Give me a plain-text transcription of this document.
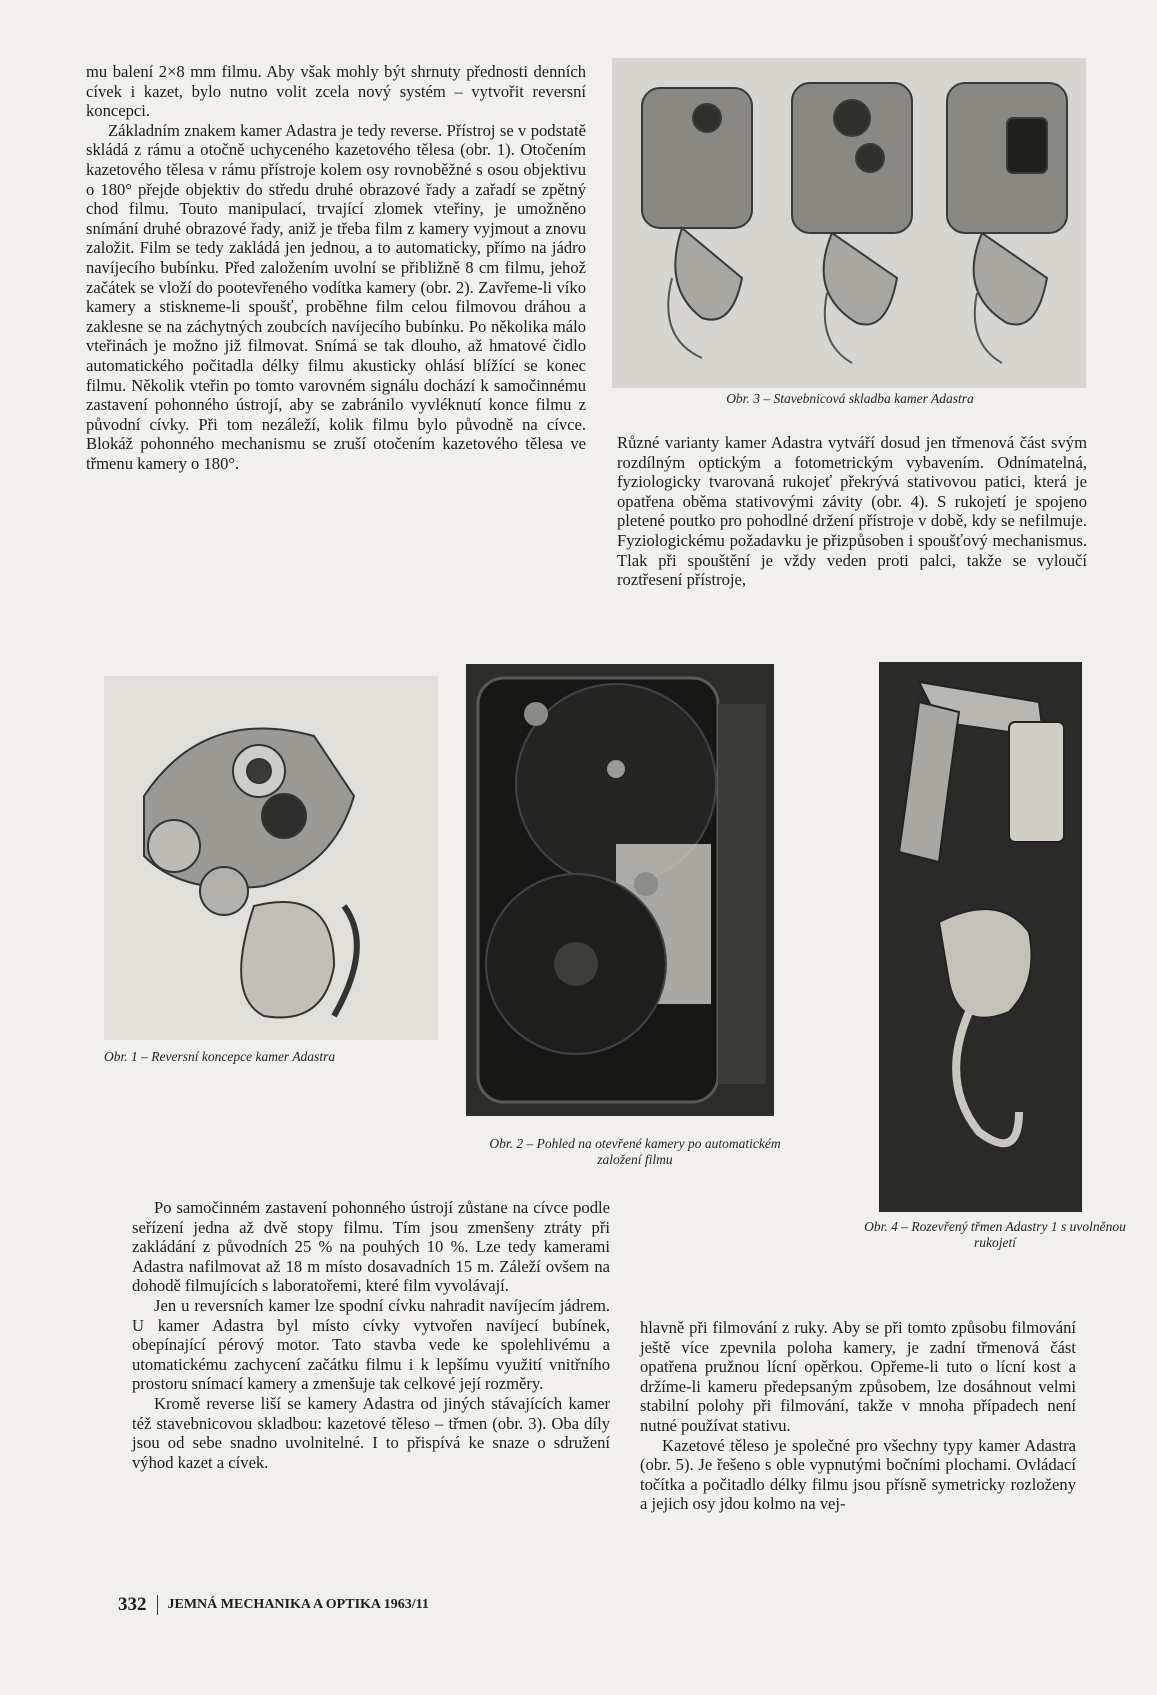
mu balení 2×8 mm filmu. Aby však mohly být shrnuty přednosti denních cívek i kazet, bylo nutno volit zcela nový systém – vytvořit reversní koncepci.

Základním znakem kamer Adastra je tedy reverse. Přístroj se v podstatě skládá z rámu a otočně uchyceného kazetového tělesa (obr. 1). Otočením kazetového tělesa v rámu přístroje kolem osy rovnoběžné s osou objektivu o 180° přejde objektiv do středu druhé obrazové řady a zařadí se zpětný chod filmu. Touto manipulací, trvající zlomek vteřiny, je umožněno snímání druhé obrazové řady, aniž je třeba film z kamery vyjmout a znovu založit. Film se tedy zakládá jen jednou, a to automaticky, přímo na jádro navíjecího bubínku. Před založením uvolní se přibližně 8 cm filmu, jehož začátek se vloží do pootevřeného vodítka kamery (obr. 2). Zavřeme-li víko kamery a stiskneme-li spoušť, proběhne film celou filmovou dráhou a zaklesne se na záchytných zoubcích navíjecího bubínku. Po několika málo vteřinách je možno již filmovat. Snímá se tak dlouho, až hmatové čidlo automatického počitadla délky filmu akusticky ohlásí blížící se konec filmu. Několik vteřin po tomto varovném signálu dochází k samočinnému zastavení pohonného ústrojí, aby se zabránilo vyvléknutí konce filmu z původní cívky. Při tom nezáleží, kolik filmu bylo původně na cívce. Blokáž pohonného mechanismu se zruší otočením kazetového tělesa ve třmenu kamery o 180°.

Obr. 3 – Stavebnicová skladba kamer Adastra

Různé varianty kamer Adastra vytváří dosud jen třmenová část svým rozdílným optickým a fotometrickým vybavením. Odnímatelná, fyziologicky tvarovaná rukojeť překrývá stativovou patici, která je opatřena oběma stativovými závity (obr. 4). S rukojetí je spojeno pletené poutko pro pohodlné držení přístroje v době, kdy se nefilmuje. Fyziologickému požadavku je přizpůsoben i spoušťový mechanismus. Tlak při spouštění je vždy veden proti palci, takže se vyloučí roztřesení přístroje,

Obr. 1 – Reversní koncepce kamer Adastra
Obr. 2 – Pohled na otevřené kamery po automatickém založení filmu
Obr. 4 – Rozevřený třmen Adastry 1 s uvolněnou rukojetí

Po samočinném zastavení pohonného ústrojí zůstane na cívce podle seřízení jedna až dvě stopy filmu. Tím jsou zmenšeny ztráty při zakládání z původních 25 % na pouhých 10 %. Lze tedy kamerami Adastra nafilmovat až 18 m místo dosavadních 15 m. Záleží ovšem na dohodě filmujících s laboratořemi, které film vyvolávají.

Jen u reversních kamer lze spodní cívku nahradit navíjecím jádrem. U kamer Adastra byl místo cívky vytvořen navíjecí bubínek, obepínající pérový motor. Tato stavba vede ke spolehlivému a utomatickému zachycení začátku filmu i k lepšímu využití vnitřního prostoru snímací kamery a zmenšuje tak celkové její rozměry.

Kromě reverse liší se kamery Adastra od jiných stávajících kamer též stavebnicovou skladbou: kazetové těleso – třmen (obr. 3). Oba díly jsou od sebe snadno uvolnitelné. I to přispívá ke snaze o sdružení výhod kazet a cívek.

hlavně při filmování z ruky. Aby se při tomto způsobu filmování ještě více zpevnila poloha kamery, je zadní třmenová část opatřena pružnou lícní opěrkou. Opřeme-li tuto o lícní kost a držíme-li kameru předepsaným způsobem, lze dosáhnout velmi stabilní polohy při filmování, takže v mnoha případech není nutné používat stativu.

Kazetové těleso je společné pro všechny typy kamer Adastra (obr. 5). Je řešeno s oble vypnutými bočními plochami. Ovládací točítka a počitadlo délky filmu jsou přísně symetricky rozloženy a jejich osy jdou kolmo na vej-

332 JEMNÁ MECHANIKA A OPTIKA 1963/11
